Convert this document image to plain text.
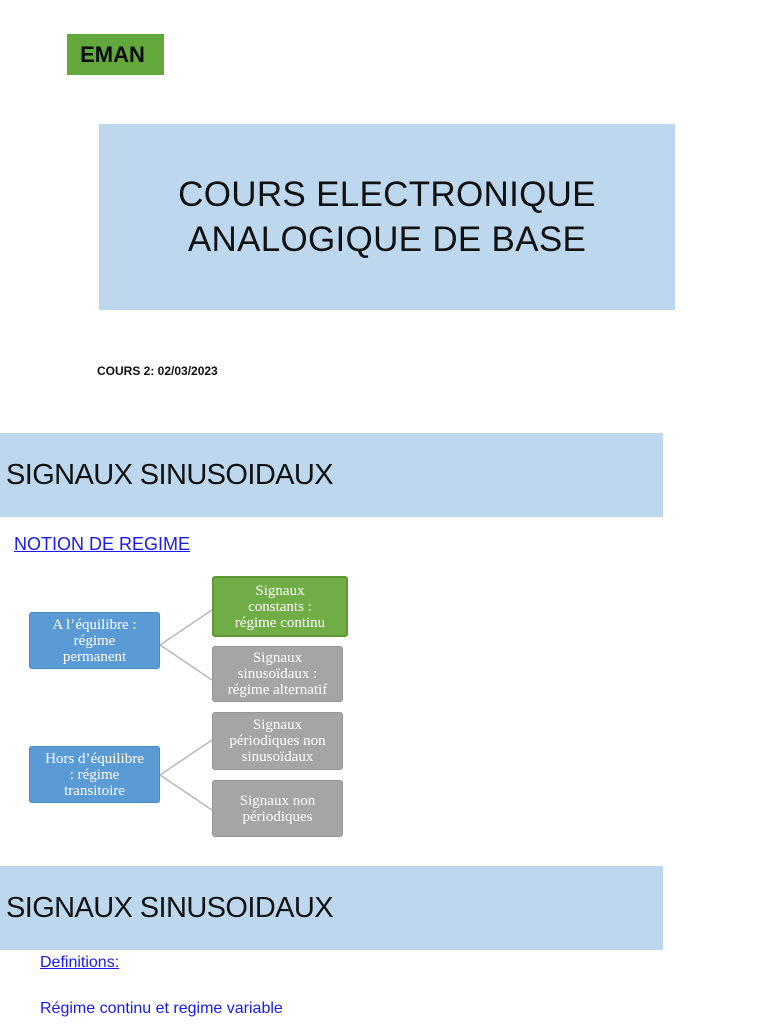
EMAN
COURS ELECTRONIQUE
ANALOGIQUE DE BASE
COURS 2: 02/03/2023
SIGNAUX SINUSOIDAUX
NOTION DE REGIME
A l’équilibre :
régime
permanent
Hors d’équilibre
: régime
transitoire
Signaux
constants :
régime continu
Signaux
sinusoïdaux :
régime alternatif
Signaux
périodiques non
sinusoïdaux
Signaux non
périodiques
SIGNAUX SINUSOIDAUX
Definitions:
Régime continu et regime variable
